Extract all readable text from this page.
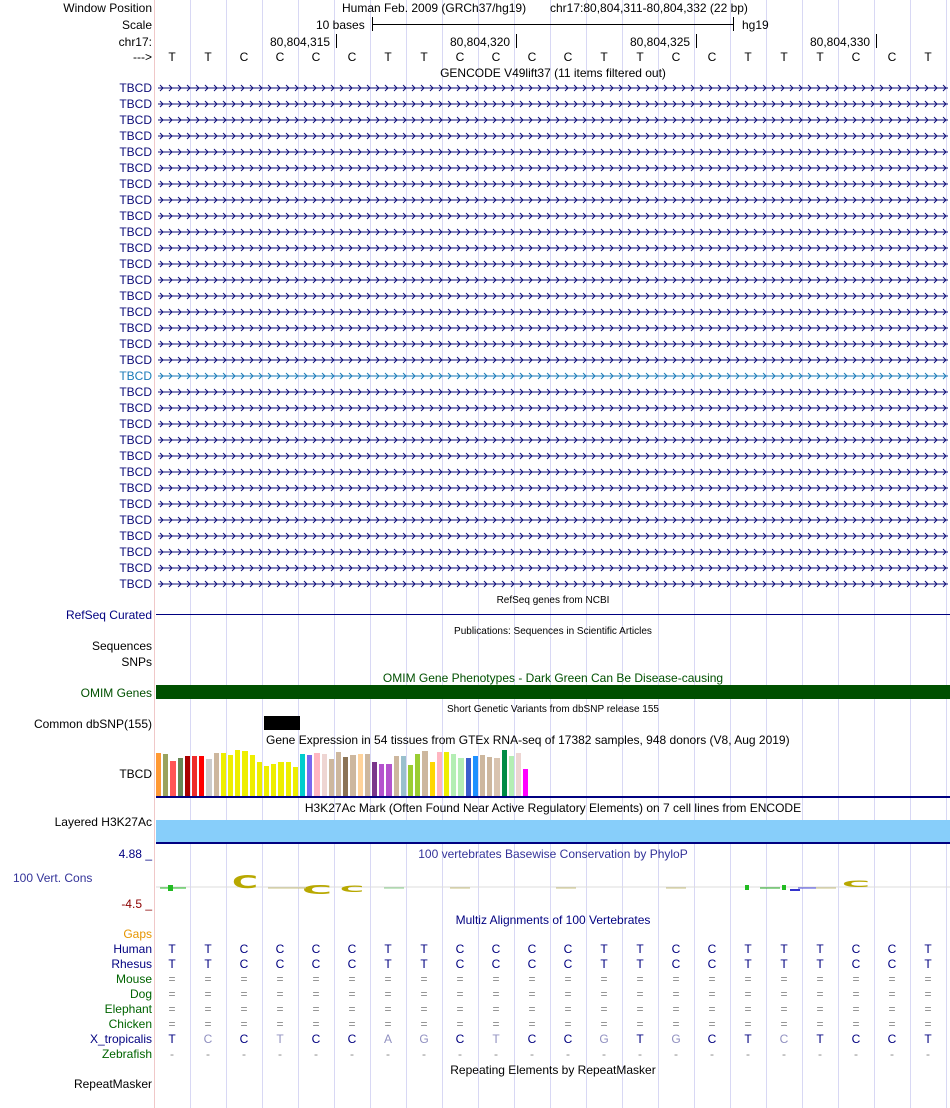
Window Position	Human Feb. 2009 (GRCh37/hg19) chr17:80,804,311-80,804,332 (22 bp)
Scale	10 bases	hg19
chr17:	80,804,315	80,804,320	80,804,325	80,804,330
--->	T	T	C	C	C	C	T	T	C	C	C	C	T	T	C	C	T	T	T	C	C	T
GENCODE V49lift37 (11 items filtered out)
TBCD
TBCD
TBCD
TBCD
TBCD
TBCD
TBCD
TBCD
TBCD
TBCD
TBCD
TBCD
TBCD
TBCD
TBCD
TBCD
TBCD
TBCD
TBCD
TBCD
TBCD
TBCD
TBCD
TBCD
TBCD
TBCD
TBCD
TBCD
TBCD
TBCD
TBCD
TBCD
RefSeq genes from NCBI
RefSeq Curated
Publications: Sequences in Scientific Articles
Sequences
SNPs
OMIM Gene Phenotypes - Dark Green Can Be Disease-causing
OMIM Genes
Short Genetic Variants from dbSNP release 155
Common dbSNP(155)
Gene Expression in 54 tissues from GTEx RNA-seq of 17382 samples, 948 donors (V8, Aug 2019)
TBCD
H3K27Ac Mark (Often Found Near Active Regulatory Elements) on 7 cell lines from ENCODE
Layered H3K27Ac
4.88 _	100 vertebrates Basewise Conservation by PhyloP
100 Vert. Cons
-4.5 _
C	C C	C
Multiz Alignments of 100 Vertebrates
Gaps
Human	T	T	C	C	C	C	T	T	C	C	C	C	T	T	C	C	T	T	T	C	C	T
Rhesus	T	T	C	C	C	C	T	T	C	C	C	C	T	T	C	C	T	T	T	C	C	T
Mouse	=	=	=	=	=	=	=	=	=	=	=	=	=	=	=	=	=	=	=	=	=	=
Dog	=	=	=	=	=	=	=	=	=	=	=	=	=	=	=	=	=	=	=	=	=	=
Elephant	=	=	=	=	=	=	=	=	=	=	=	=	=	=	=	=	=	=	=	=	=	=
Chicken	=	=	=	=	=	=	=	=	=	=	=	=	=	=	=	=	=	=	=	=	=	=
X_tropicalis	T	C	C	T	C	C	A	G	C	T	C	C	G	T	G	C	T	C	T	C	C	T
Zebrafish	-	-	-	-	-	-	-	-	-	-	-	-	-	-	-	-	-	-	-	-	-	-
Repeating Elements by RepeatMasker
RepeatMasker
